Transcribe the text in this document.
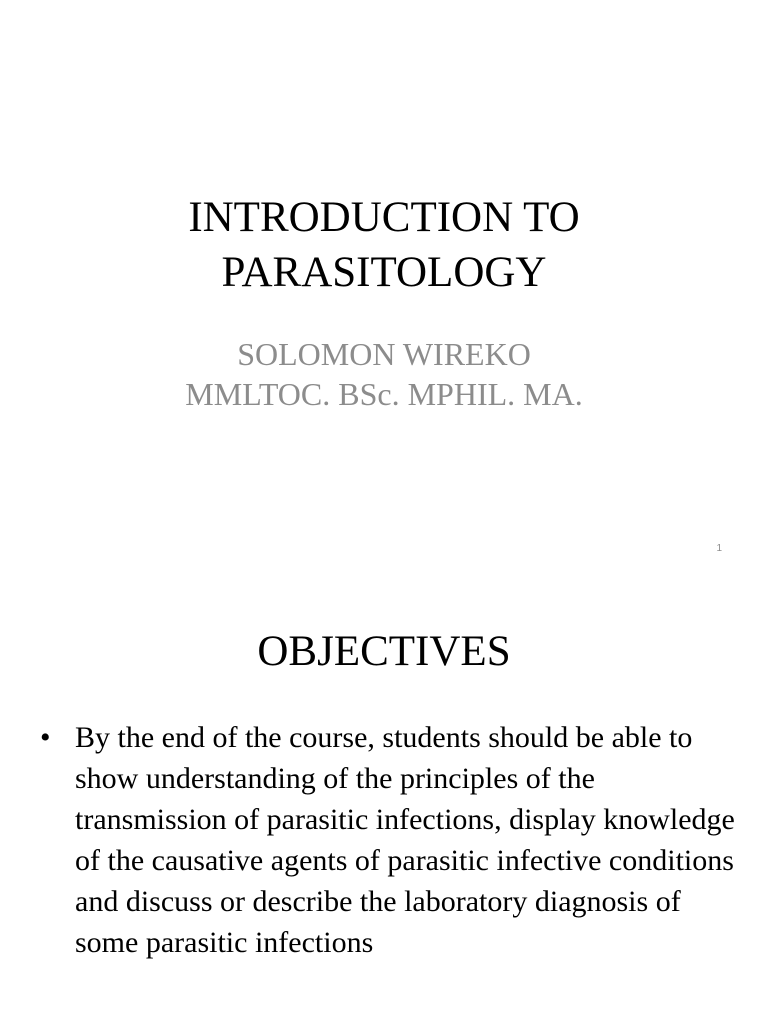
INTRODUCTION TO
PARASITOLOGY
SOLOMON WIREKO
MMLTOC. BSc. MPHIL. MA.
1
OBJECTIVES
• By the end of the course, students should be able to show understanding of the principles of the transmission of parasitic infections, display knowledge of the causative agents of parasitic infective conditions and discuss or describe the laboratory diagnosis of some parasitic infections
